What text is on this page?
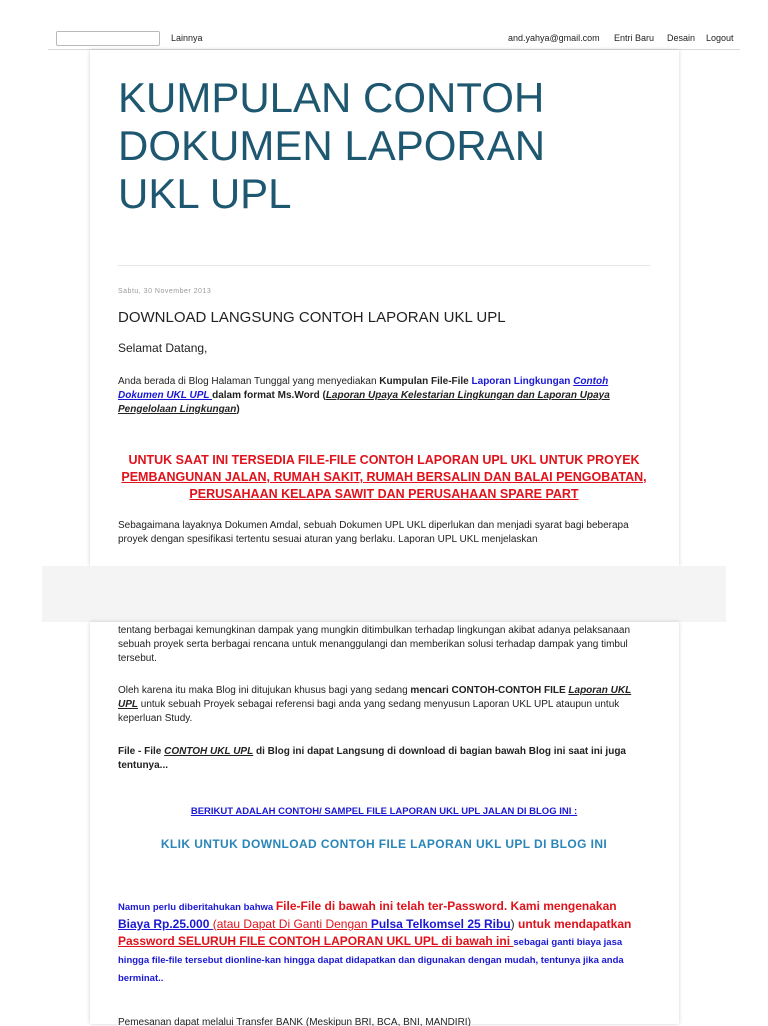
Lainnya	and.yahya@gmail.com Entri Baru Desain Logout
KUMPULAN CONTOH
DOKUMEN LAPORAN
UKL UPL
Sabtu, 30 November 2013
DOWNLOAD LANGSUNG CONTOH LAPORAN UKL UPL
Selamat Datang,
Anda berada di Blog Halaman Tunggal yang menyediakan Kumpulan File-File Laporan Lingkungan Contoh Dokumen UKL UPL dalam format Ms.Word (Laporan Upaya Kelestarian Lingkungan dan Laporan Upaya Pengelolaan Lingkungan)
UNTUK SAAT INI TERSEDIA FILE-FILE CONTOH LAPORAN UPL UKL UNTUK PROYEK PEMBANGUNAN JALAN, RUMAH SAKIT, RUMAH BERSALIN DAN BALAI PENGOBATAN, PERUSAHAAN KELAPA SAWIT DAN PERUSAHAAN SPARE PART
Sebagaimana layaknya Dokumen Amdal, sebuah Dokumen UPL UKL diperlukan dan menjadi syarat bagi beberapa proyek dengan spesifikasi tertentu sesuai aturan yang berlaku. Laporan UPL UKL menjelaskan
tentang berbagai kemungkinan dampak yang mungkin ditimbulkan terhadap lingkungan akibat adanya pelaksanaan sebuah proyek serta berbagai rencana untuk menanggulangi dan memberikan solusi terhadap dampak yang timbul tersebut.
Oleh karena itu maka Blog ini ditujukan khusus bagi yang sedang mencari CONTOH-CONTOH FILE Laporan UKL UPL untuk sebuah Proyek sebagai referensi bagi anda yang sedang menyusun Laporan UKL UPL ataupun untuk keperluan Study.
File - File CONTOH UKL UPL di Blog ini dapat Langsung di download di bagian bawah Blog ini saat ini juga tentunya...
BERIKUT ADALAH CONTOH/ SAMPEL FILE LAPORAN UKL UPL JALAN DI BLOG INI :
KLIK UNTUK DOWNLOAD CONTOH FILE LAPORAN UKL UPL DI BLOG INI
Namun perlu diberitahukan bahwa File-File di bawah ini telah ter-Password. Kami mengenakan Biaya Rp.25.000 (atau Dapat Di Ganti Dengan Pulsa Telkomsel 25 Ribu) untuk mendapatkan Password SELURUH FILE CONTOH LAPORAN UKL UPL di bawah ini sebagai ganti biaya jasa hingga file-file tersebut dionline-kan hingga dapat didapatkan dan digunakan dengan mudah, tentunya jika anda berminat..
Pemesanan dapat melalui Transfer BANK (Meskipun BRI, BCA, BNI, MANDIRI)
